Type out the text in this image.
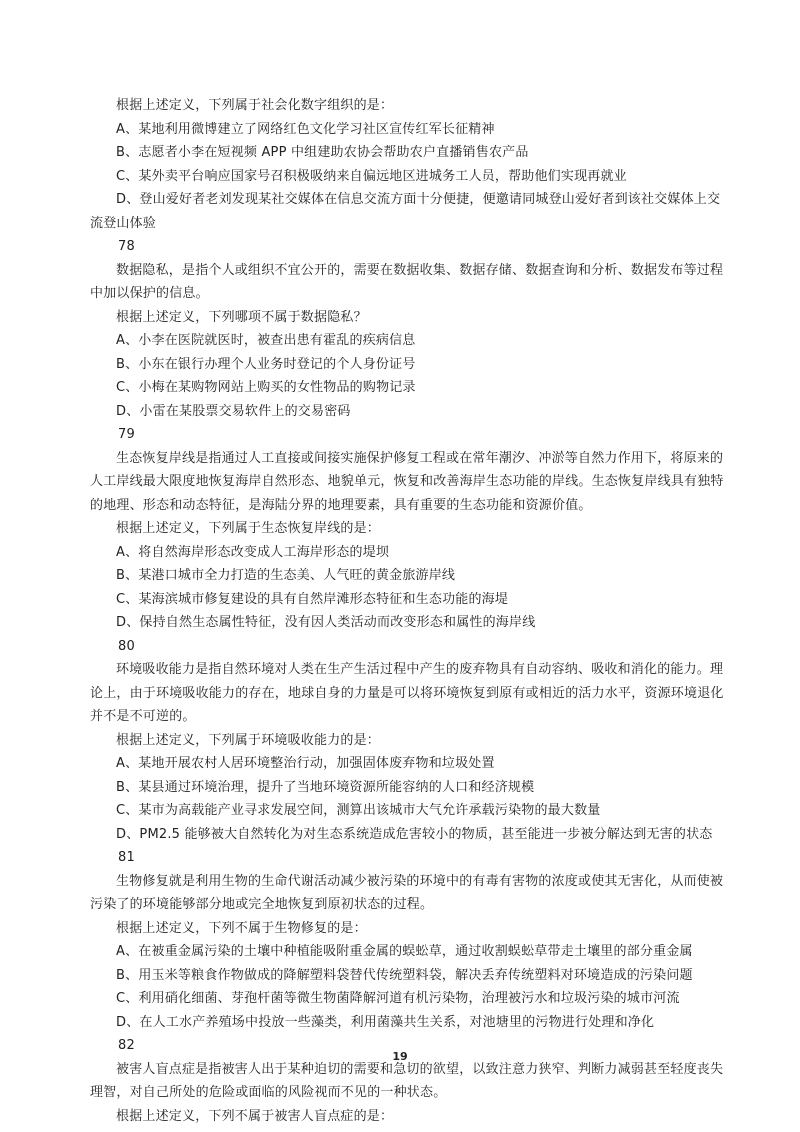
根据上述定义，下列属于社会化数字组织的是：
A、某地利用微博建立了网络红色文化学习社区宣传红军长征精神
B、志愿者小李在短视频 APP 中组建助农协会帮助农户直播销售农产品
C、某外卖平台响应国家号召积极吸纳来自偏远地区进城务工人员，帮助他们实现再就业
D、登山爱好者老刘发现某社交媒体在信息交流方面十分便捷，便邀请同城登山爱好者到该社交媒体上交
流登山体验
78
数据隐私，是指个人或组织不宜公开的，需要在数据收集、数据存储、数据查询和分析、数据发布等过程
中加以保护的信息。
根据上述定义，下列哪项不属于数据隐私？
A、小李在医院就医时，被查出患有霍乱的疾病信息
B、小东在银行办理个人业务时登记的个人身份证号
C、小梅在某购物网站上购买的女性物品的购物记录
D、小雷在某股票交易软件上的交易密码
79
生态恢复岸线是指通过人工直接或间接实施保护修复工程或在常年潮汐、冲淤等自然力作用下，将原来的
人工岸线最大限度地恢复海岸自然形态、地貌单元，恢复和改善海岸生态功能的岸线。生态恢复岸线具有独特
的地理、形态和动态特征，是海陆分界的地理要素，具有重要的生态功能和资源价值。
根据上述定义，下列属于生态恢复岸线的是：
A、将自然海岸形态改变成人工海岸形态的堤坝
B、某港口城市全力打造的生态美、人气旺的黄金旅游岸线
C、某海滨城市修复建设的具有自然岸滩形态特征和生态功能的海堤
D、保持自然生态属性特征，没有因人类活动而改变形态和属性的海岸线
80
环境吸收能力是指自然环境对人类在生产生活过程中产生的废弃物具有自动容纳、吸收和消化的能力。理
论上，由于环境吸收能力的存在，地球自身的力量是可以将环境恢复到原有或相近的活力水平，资源环境退化
并不是不可逆的。
根据上述定义，下列属于环境吸收能力的是：
A、某地开展农村人居环境整治行动，加强固体废弃物和垃圾处置
B、某县通过环境治理，提升了当地环境资源所能容纳的人口和经济规模
C、某市为高载能产业寻求发展空间，测算出该城市大气允许承载污染物的最大数量
D、PM2.5 能够被大自然转化为对生态系统造成危害较小的物质，甚至能进一步被分解达到无害的状态
81
生物修复就是利用生物的生命代谢活动减少被污染的环境中的有毒有害物的浓度或使其无害化，从而使被
污染了的环境能够部分地或完全地恢复到原初状态的过程。
根据上述定义，下列不属于生物修复的是：
A、在被重金属污染的土壤中种植能吸附重金属的蜈蚣草，通过收割蜈蚣草带走土壤里的部分重金属
B、用玉米等粮食作物做成的降解塑料袋替代传统塑料袋，解决丢弃传统塑料对环境造成的污染问题
C、利用硝化细菌、芽孢杆菌等微生物菌降解河道有机污染物，治理被污水和垃圾污染的城市河流
D、在人工水产养殖场中投放一些藻类，利用菌藻共生关系，对池塘里的污物进行处理和净化
82
被害人盲点症是指被害人出于某种迫切的需要和急切的欲望，以致注意力狭窄、判断力减弱甚至轻度丧失
理智，对自己所处的危险或面临的风险视而不见的一种状态。
根据上述定义，下列不属于被害人盲点症的是：
19
